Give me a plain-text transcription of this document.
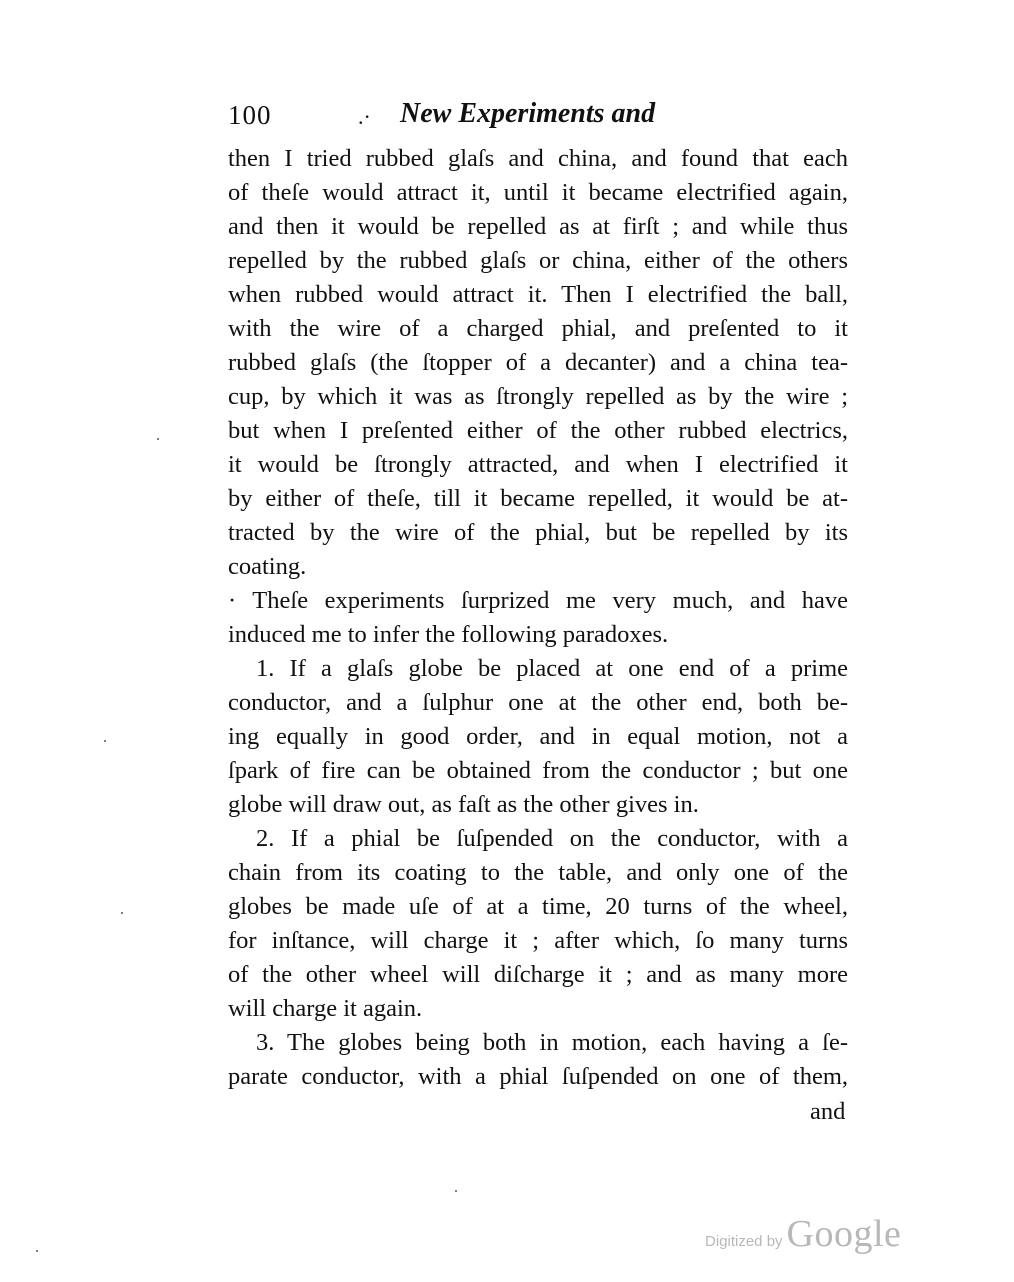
100	.· New Experiments and
then I tried rubbed glaſs and china, and found that each
of theſe would attract it, until it became electrified again,
and then it would be repelled as at firſt ; and while thus
repelled by the rubbed glaſs or china, either of the others
when rubbed would attract it. Then I electrified the ball,
with the wire of a charged phial, and preſented to it
rubbed glaſs (the ſtopper of a decanter) and a china tea-
cup, by which it was as ſtrongly repelled as by the wire ;
but when I preſented either of the other rubbed electrics,
it would be ſtrongly attracted, and when I electrified it
by either of theſe, till it became repelled, it would be at-
tracted by the wire of the phial, but be repelled by its
coating.
· Theſe experiments ſurprized me very much, and have
induced me to infer the following paradoxes.
1. If a glaſs globe be placed at one end of a prime
conductor, and a ſulphur one at the other end, both be-
ing equally in good order, and in equal motion, not a
ſpark of fire can be obtained from the conductor ; but one
globe will draw out, as faſt as the other gives in.
2. If a phial be ſuſpended on the conductor, with a
chain from its coating to the table, and only one of the
globes be made uſe of at a time, 20 turns of the wheel,
for inſtance, will charge it ; after which, ſo many turns
of the other wheel will diſcharge it ; and as many more
will charge it again.
3. The globes being both in motion, each having a ſe-
parate conductor, with a phial ſuſpended on one of them,
and
Digitized by Google
